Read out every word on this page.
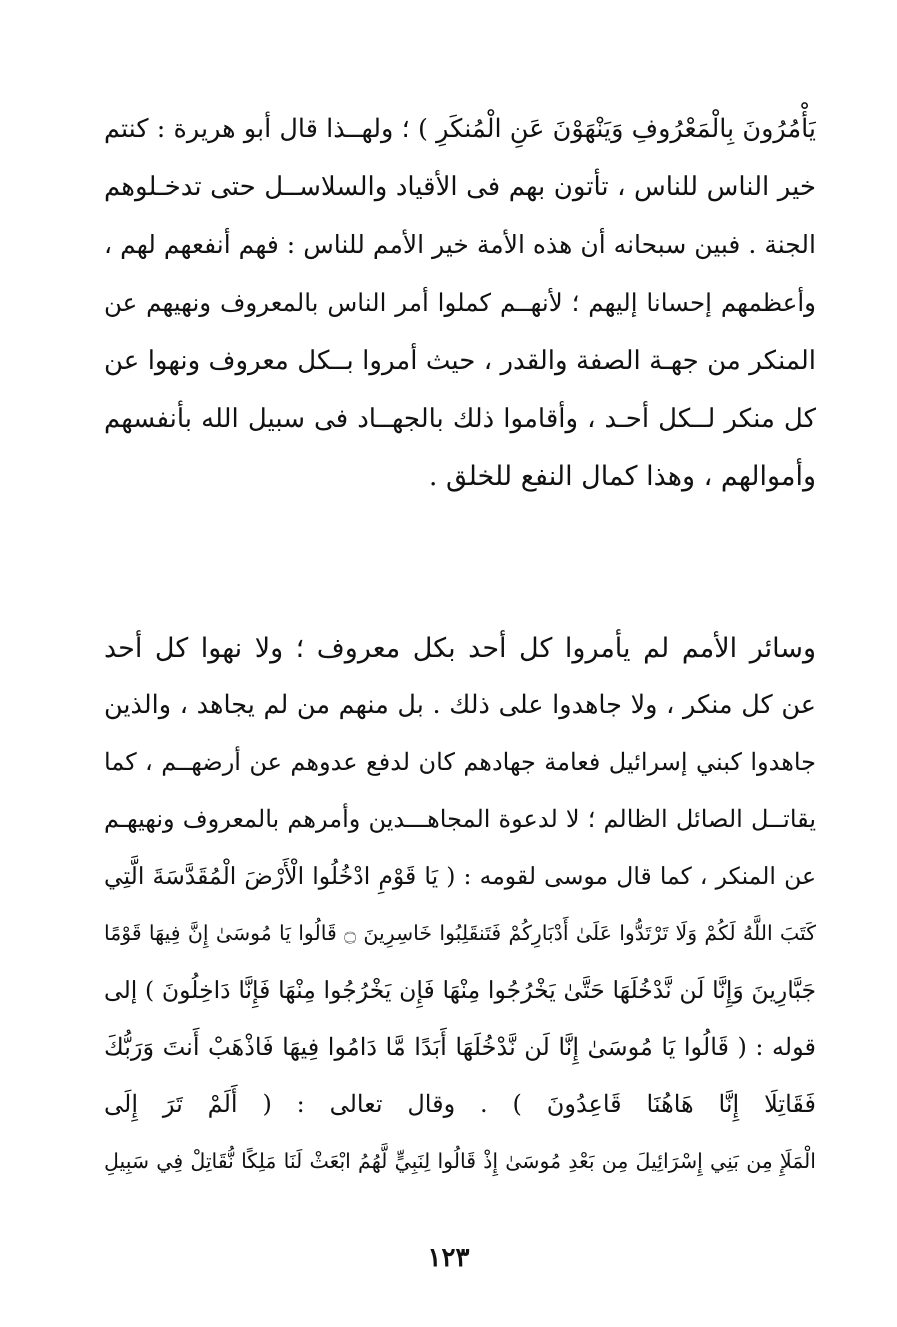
يَأْمُرُونَ بِالْمَعْرُوفِ وَيَنْهَوْنَ عَنِ الْمُنكَرِ ) ؛ ولهــذا قال أبو هريرة : كنتم
خير الناس للناس ، تأتون بهم فى الأقياد والسلاســل حتى تدخـلوهم
الجنة . فبين سبحانه أن هذه الأمة خير الأمم للناس : فهم أنفعهم لهم ،
وأعظمهم إحسانا إليهم ؛ لأنهــم كملوا أمر الناس بالمعروف ونهيهم عن
المنكر من جهـة الصفة والقدر ، حيث أمروا بــكل معروف ونهوا عن
كل منكر لــكل أحـد ، وأقاموا ذلك بالجهــاد فى سبيل الله بأنفسهم
وأموالهم ، وهذا كمال النفع للخلق .
وسائر الأمم لم يأمروا كل أحد بكل معروف ؛ ولا نهوا كل أحد
عن كل منكر ، ولا جاهدوا على ذلك . بل منهم من لم يجاهد ، والذين
جاهدوا كبني إسرائيل فعامة جهادهم كان لدفع عدوهم عن أرضهــم ، كما
يقاتــل الصائل الظالم ؛ لا لدعوة المجاهـــدين وأمرهم بالمعروف ونهيهـم
عن المنكر ، كما قال موسى لقومه : ( يَا قَوْمِ ادْخُلُوا الْأَرْضَ الْمُقَدَّسَةَ الَّتِي
كَتَبَ اللَّهُ لَكُمْ وَلَا تَرْتَدُّوا عَلَىٰ أَدْبَارِكُمْ فَتَنقَلِبُوا خَاسِرِينَ ۝ قَالُوا يَا مُوسَىٰ إِنَّ فِيهَا قَوْمًا
جَبَّارِينَ وَإِنَّا لَن نَّدْخُلَهَا حَتَّىٰ يَخْرُجُوا مِنْهَا فَإِن يَخْرُجُوا مِنْهَا فَإِنَّا دَاخِلُونَ ) إلى
قوله : ( قَالُوا يَا مُوسَىٰ إِنَّا لَن نَّدْخُلَهَا أَبَدًا مَّا دَامُوا فِيهَا فَاذْهَبْ أَنتَ وَرَبُّكَ
فَقَاتِلَا إِنَّا هَاهُنَا قَاعِدُونَ ) . وقال تعالى : ( أَلَمْ تَرَ إِلَى
الْمَلَإِ مِن بَنِي إِسْرَائِيلَ مِن بَعْدِ مُوسَىٰ إِذْ قَالُوا لِنَبِيٍّ لَّهُمُ ابْعَثْ لَنَا مَلِكًا نُّقَاتِلْ فِي سَبِيلِ
١٢٣
